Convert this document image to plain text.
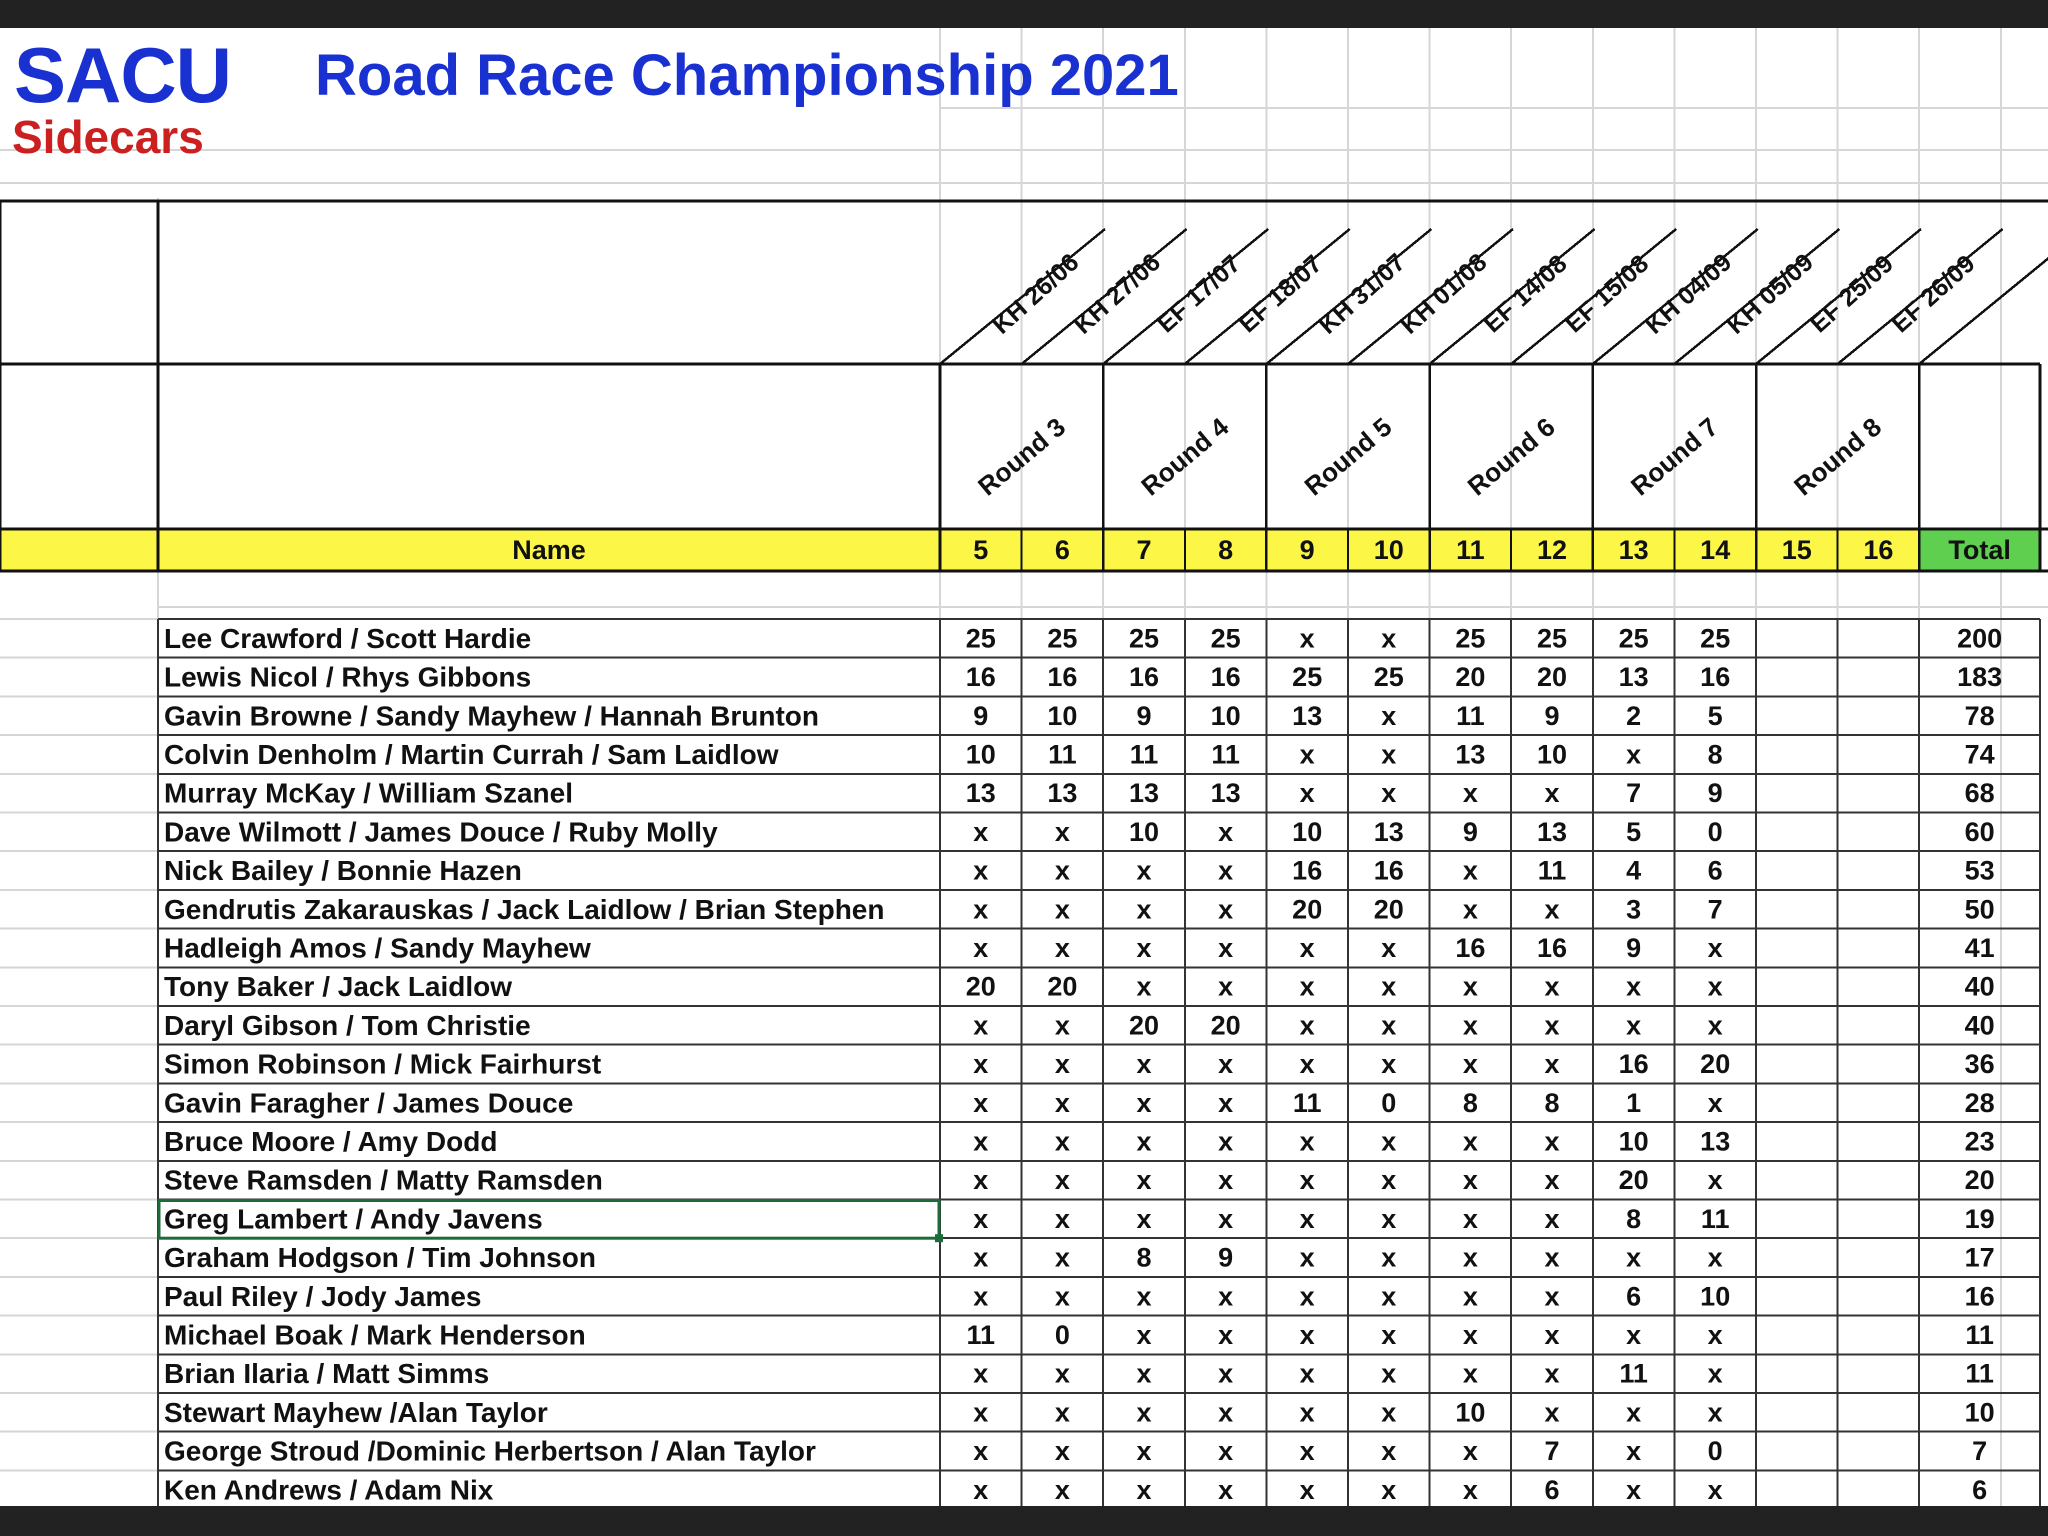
KH 26/06
KH 27/06
EF 17/07
EF 18/07
KH 31/07
KH 01/08
EF 14/08
EF 15/08
KH 04/09
KH 05/09
EF 25/09
EF 26/09
Round 3 Round 4 Round 5 Round 6 Round 7 Round 8
Name	5 6 7 8 9 10 11 12 13 14 15 16 Total
Lee Crawford / Scott Hardie	25 25 25 25 x x 25 25 25 25	200
Lewis Nicol / Rhys Gibbons	16 16 16 16 25 25 20 20 13 16	183
Gavin Browne / Sandy Mayhew / Hannah Brunton	9 10 9 10 13 x 11 9 2 5	78
Colvin Denholm / Martin Currah / Sam Laidlow	10 11 11 11 x x 13 10 x 8	74
Murray McKay / William Szanel	13 13 13 13 x x x x 7 9	68
Dave Wilmott / James Douce / Ruby Molly	x x 10 x 10 13 9 13 5 0	60
Nick Bailey / Bonnie Hazen	x x x x 16 16 x 11 4 6	53
Gendrutis Zakarauskas / Jack Laidlow / Brian Stephen	x x x x 20 20 x x 3 7	50
Hadleigh Amos / Sandy Mayhew	x x x x x x 16 16 9 x	41
Tony Baker / Jack Laidlow	20 20 x x x x x x x x	40
Daryl Gibson / Tom Christie	x x 20 20 x x x x x x	40
Simon Robinson / Mick Fairhurst	x x x x x x x x 16 20	36
Gavin Faragher / James Douce	x x x x 11 0 8 8 1 x	28
Bruce Moore / Amy Dodd	x x x x x x x x 10 13	23
Steve Ramsden / Matty Ramsden	x x x x x x x x 20 x	20
Greg Lambert / Andy Javens	x x x x x x x x 8 11	19
Graham Hodgson / Tim Johnson	x x 8 9 x x x x x x	17
Paul Riley / Jody James	x x x x x x x x 6 10	16
Michael Boak / Mark Henderson	11 0 x x x x x x x x	11
Brian Ilaria / Matt Simms	x x x x x x x x 11 x	11
Stewart Mayhew /Alan Taylor	x x x x x x 10 x x x	10
George Stroud /Dominic Herbertson / Alan Taylor	x x x x x x x 7 x 0	7
Ken Andrews / Adam Nix	x x x x x x x 6 x x	6
SACU Road Race Championship 2021
Sidecars
